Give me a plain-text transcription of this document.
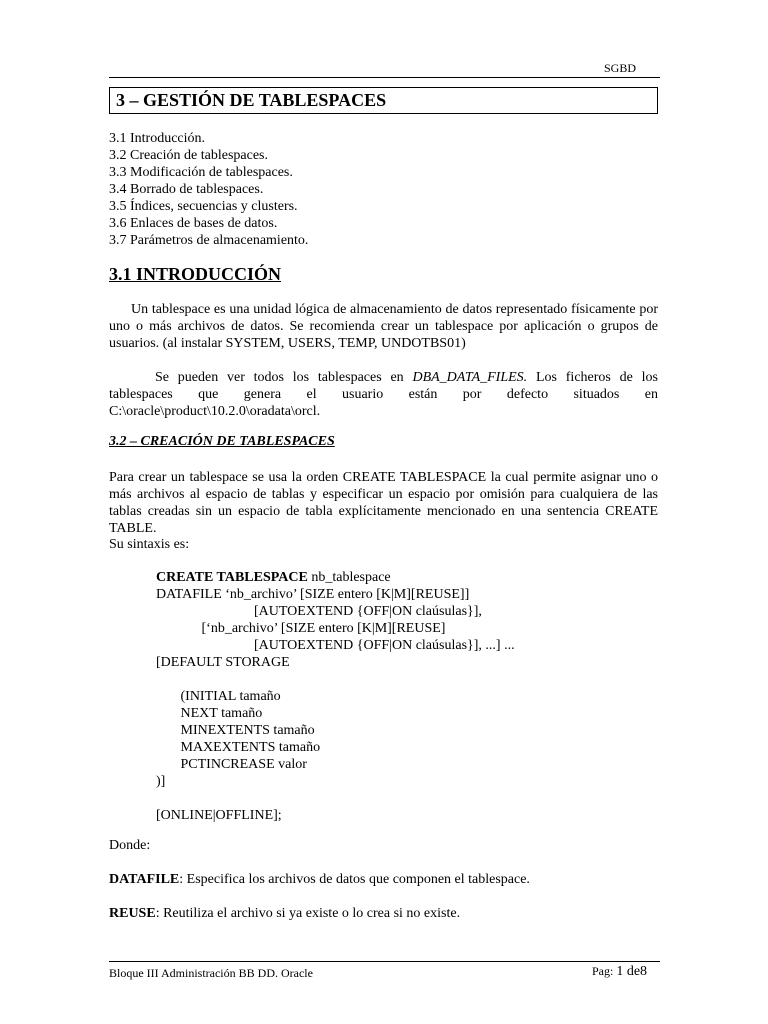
SGBD
3 – GESTIÓN DE TABLESPACES
3.1 Introducción.
3.2 Creación de tablespaces.
3.3 Modificación de tablespaces.
3.4 Borrado de tablespaces.
3.5 Índices, secuencias y clusters.
3.6 Enlaces de bases de datos.
3.7 Parámetros de almacenamiento.
3.1 INTRODUCCIÓN
Un tablespace es una unidad lógica de almacenamiento de datos representado físicamente por uno o más archivos de datos. Se recomienda crear un tablespace por aplicación o grupos de usuarios. (al instalar SYSTEM, USERS, TEMP, UNDOTBS01)
Se pueden ver todos los tablespaces en DBA_DATA_FILES. Los ficheros de los tablespaces que genera el usuario están por defecto situados en C:\oracle\product\10.2.0\oradata\orcl.
3.2 – CREACIÓN DE TABLESPACES
Para crear un tablespace se usa la orden CREATE TABLESPACE la cual permite asignar uno o más archivos al espacio de tablas y especificar un espacio por omisión para cualquiera de las tablas creadas sin un espacio de tabla explícitamente mencionado en una sentencia CREATE TABLE.
Su sintaxis es:
CREATE TABLESPACE nb_tablespace
DATAFILE ‘nb_archivo’ [SIZE entero [K|M][REUSE]]
[AUTOEXTEND {OFF|ON claúsulas}],
[‘nb_archivo’ [SIZE entero [K|M][REUSE]
[AUTOEXTEND {OFF|ON claúsulas}], ...] ...
[DEFAULT STORAGE
(INITIAL tamaño
NEXT tamaño
MINEXTENTS tamaño
MAXEXTENTS tamaño
PCTINCREASE valor
)]
[ONLINE|OFFLINE];
Donde:
DATAFILE: Especifica los archivos de datos que componen el tablespace.
REUSE: Reutiliza el archivo si ya existe o lo crea si no existe.
Bloque III Administración BB DD. Oracle	Pag: 1 de8
